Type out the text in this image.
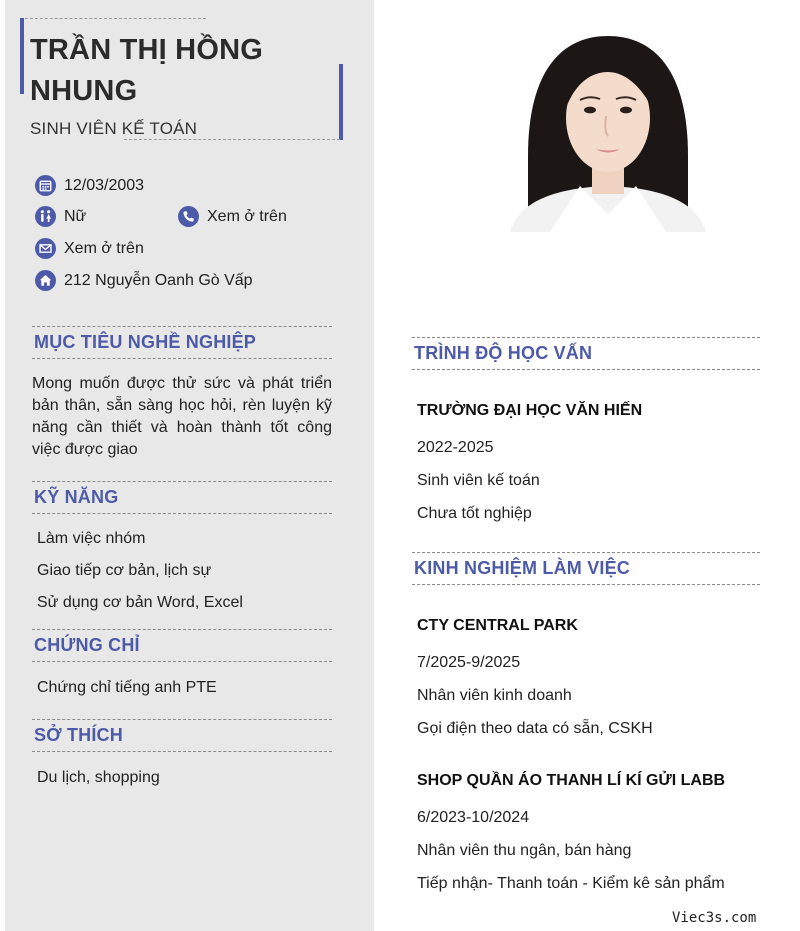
TRẦN THỊ HỒNG NHUNG
SINH VIÊN KẾ TOÁN
12/03/2003
Nữ	Xem ở trên
Xem ở trên
212 Nguyễn Oanh Gò Vấp
MỤC TIÊU NGHỀ NGHIỆP
Mong muốn được thử sức và phát triển bản thân, sẵn sàng học hỏi, rèn luyện kỹ năng cần thiết và hoàn thành tốt công việc được giao
KỸ NĂNG
Làm việc nhóm
Giao tiếp cơ bản, lịch sự
Sử dụng cơ bản Word, Excel
CHỨNG CHỈ
Chứng chỉ tiếng anh PTE
SỞ THÍCH
Du lịch, shopping
TRÌNH ĐỘ HỌC VẤN
TRƯỜNG ĐẠI HỌC VĂN HIẾN
2022-2025
Sinh viên kế toán
Chưa tốt nghiệp
KINH NGHIỆM LÀM VIỆC
CTY CENTRAL PARK
7/2025-9/2025
Nhân viên kinh doanh
Gọi điện theo data có sẵn, CSKH
SHOP QUẦN ÁO THANH LÍ KÍ GỬI LABB
6/2023-10/2024
Nhân viên thu ngân, bán hàng
Tiếp nhận- Thanh toán - Kiểm kê sản phẩm
Viec3s.com
